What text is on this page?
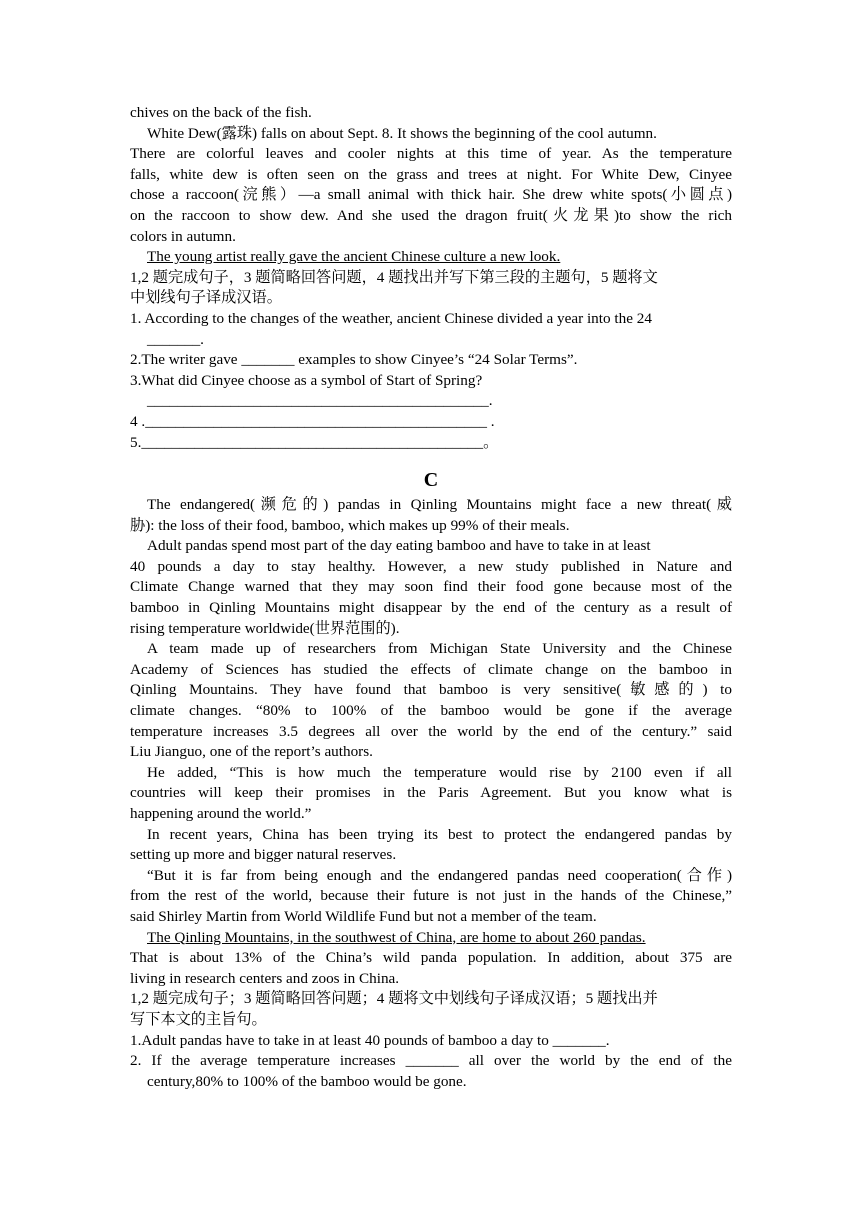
chives on the back of the fish.
White Dew(露珠) falls on about Sept. 8. It shows the beginning of the cool autumn.
There are colorful leaves and cooler nights at this time of year. As the temperature
falls, white dew is often seen on the grass and trees at night. For White Dew, Cinyee
chose a raccoon(浣熊）—a small animal with thick hair. She drew white spots(小圆点)
on the raccoon to show dew. And she used the dragon fruit(火龙果)to show the rich
colors in autumn.
The young artist really gave the ancient Chinese culture a new look.
1,2 题完成句子，3 题简略回答问题，4 题找出并写下第三段的主题句，5 题将文
中划线句子译成汉语。
1. According to the changes of the weather, ancient Chinese divided a year into the 24
_______.
2.The writer gave _______ examples to show Cinyee’s “24 Solar Terms”.
3.What did Cinyee choose as a symbol of Start of Spring?
_____________________________________________.
4 ._____________________________________________ .
5._____________________________________________。
C
The endangered(濒危的) pandas in Qinling Mountains might face a new threat(威
胁): the loss of their food, bamboo, which makes up 99% of their meals.
Adult pandas spend most part of the day eating bamboo and have to take in at least
40 pounds a day to stay healthy. However, a new study published in Nature and
Climate Change warned that they may soon find their food gone because most of the
bamboo in Qinling Mountains might disappear by the end of the century as a result of
rising temperature worldwide(世界范围的).
A team made up of researchers from Michigan State University and the Chinese
Academy of Sciences has studied the effects of climate change on the bamboo in
Qinling Mountains. They have found that bamboo is very sensitive(敏感的) to
climate changes. “80% to 100% of the bamboo would be gone if the average
temperature increases 3.5 degrees all over the world by the end of the century.” said
Liu Jianguo, one of the report’s authors.
He added, “This is how much the temperature would rise by 2100 even if all
countries will keep their promises in the Paris Agreement. But you know what is
happening around the world.”
In recent years, China has been trying its best to protect the endangered pandas by
setting up more and bigger natural reserves.
“But it is far from being enough and the endangered pandas need cooperation(合作)
from the rest of the world, because their future is not just in the hands of the Chinese,”
said Shirley Martin from World Wildlife Fund but not a member of the team.
The Qinling Mountains, in the southwest of China, are home to about 260 pandas.
That is about 13% of the China’s wild panda population. In addition, about 375 are
living in research centers and zoos in China.
1,2 题完成句子；3 题简略回答问题；4 题将文中划线句子译成汉语；5 题找出并
写下本文的主旨句。
1.Adult pandas have to take in at least 40 pounds of bamboo a day to _______.
2. If the average temperature increases _______ all over the world by the end of the
century,80% to 100% of the bamboo would be gone.
